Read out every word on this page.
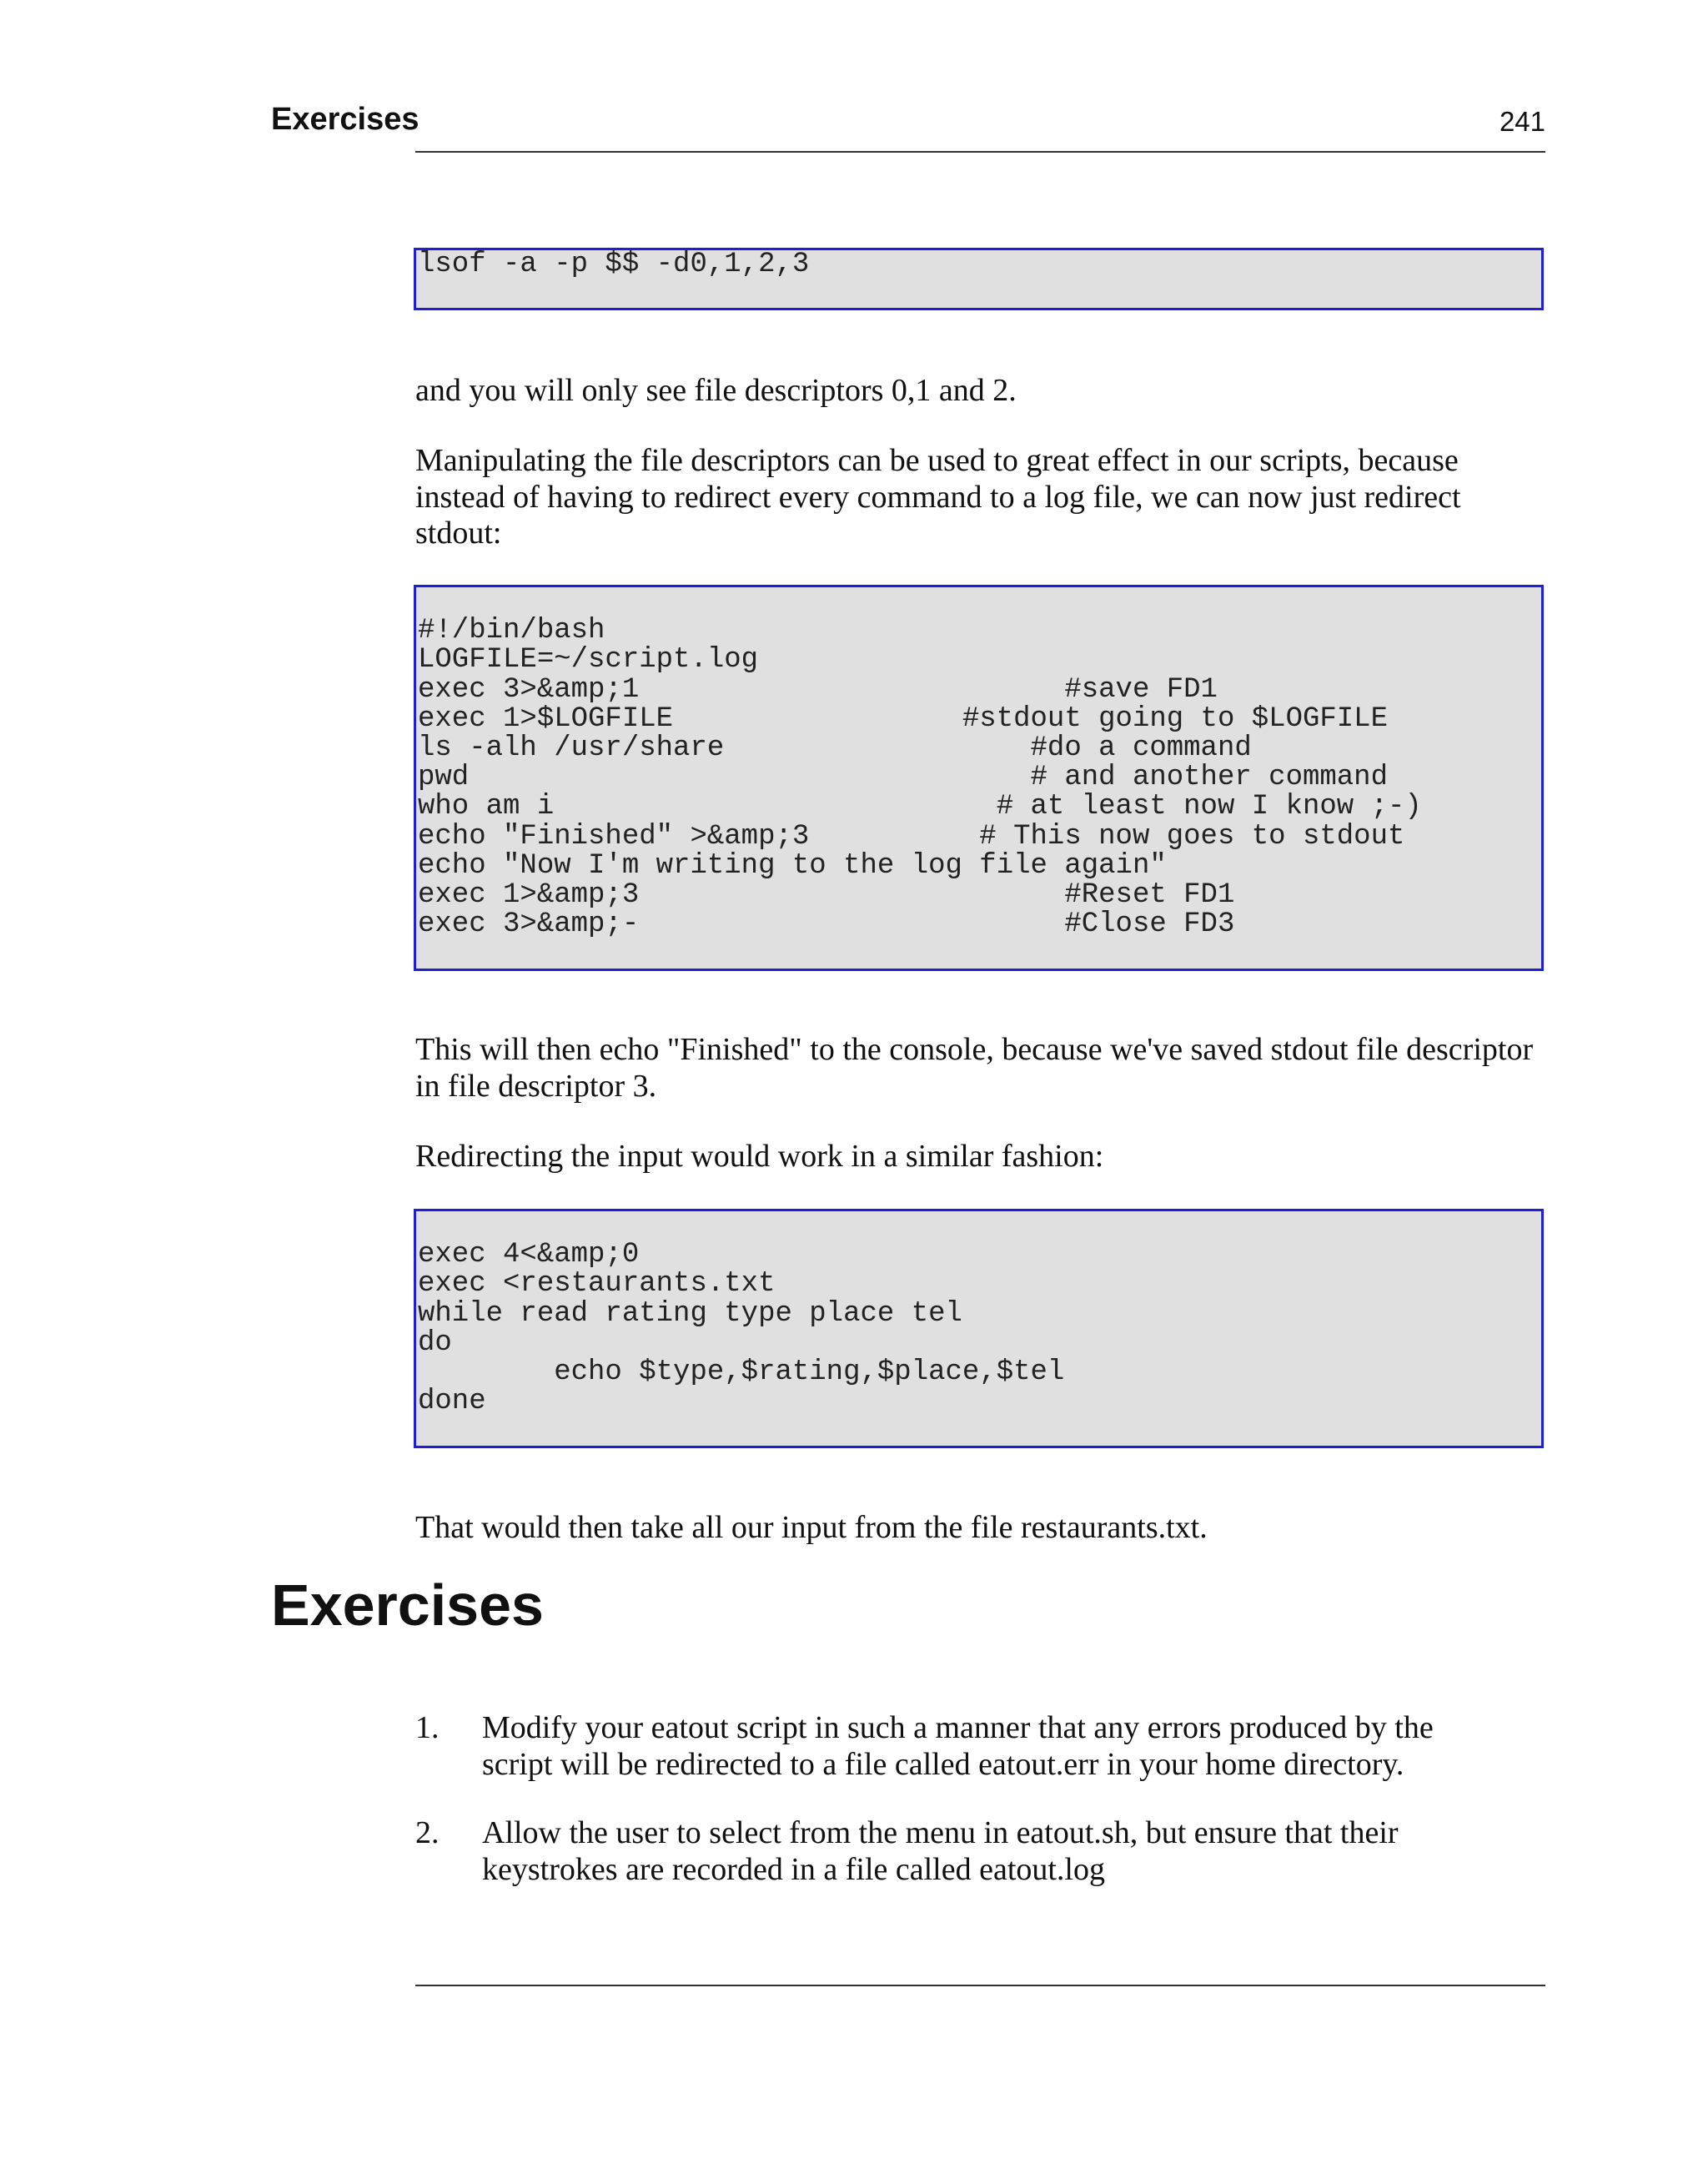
Exercises	241
lsof -a -p $$ -d0,1,2,3

and you will only see file descriptors 0,1 and 2.

Manipulating the file descriptors can be used to great effect in our scripts, because instead of having to redirect every command to a log file, we can now just redirect stdout:

#!/bin/bash
LOGFILE=~/script.log
exec 3>&amp;1                         #save FD1
exec 1>$LOGFILE                 #stdout going to $LOGFILE
ls -alh /usr/share                  #do a command
pwd                                 # and another command
who am i                          # at least now I know ;-)
echo "Finished" >&amp;3          # This now goes to stdout
echo "Now I'm writing to the log file again"
exec 1>&amp;3                         #Reset FD1
exec 3>&amp;-                         #Close FD3

This will then echo "Finished" to the console, because we've saved stdout file descriptor in file descriptor 3.

Redirecting the input would work in a similar fashion:

exec 4<&amp;0
exec <restaurants.txt
while read rating type place tel
do
echo $type,$rating,$place,$tel
done

That would then take all our input from the file restaurants.txt.

Exercises
1. Modify your eatout script in such a manner that any errors produced by the script will be redirected to a file called eatout.err in your home directory.
2. Allow the user to select from the menu in eatout.sh, but ensure that their keystrokes are recorded in a file called eatout.log
